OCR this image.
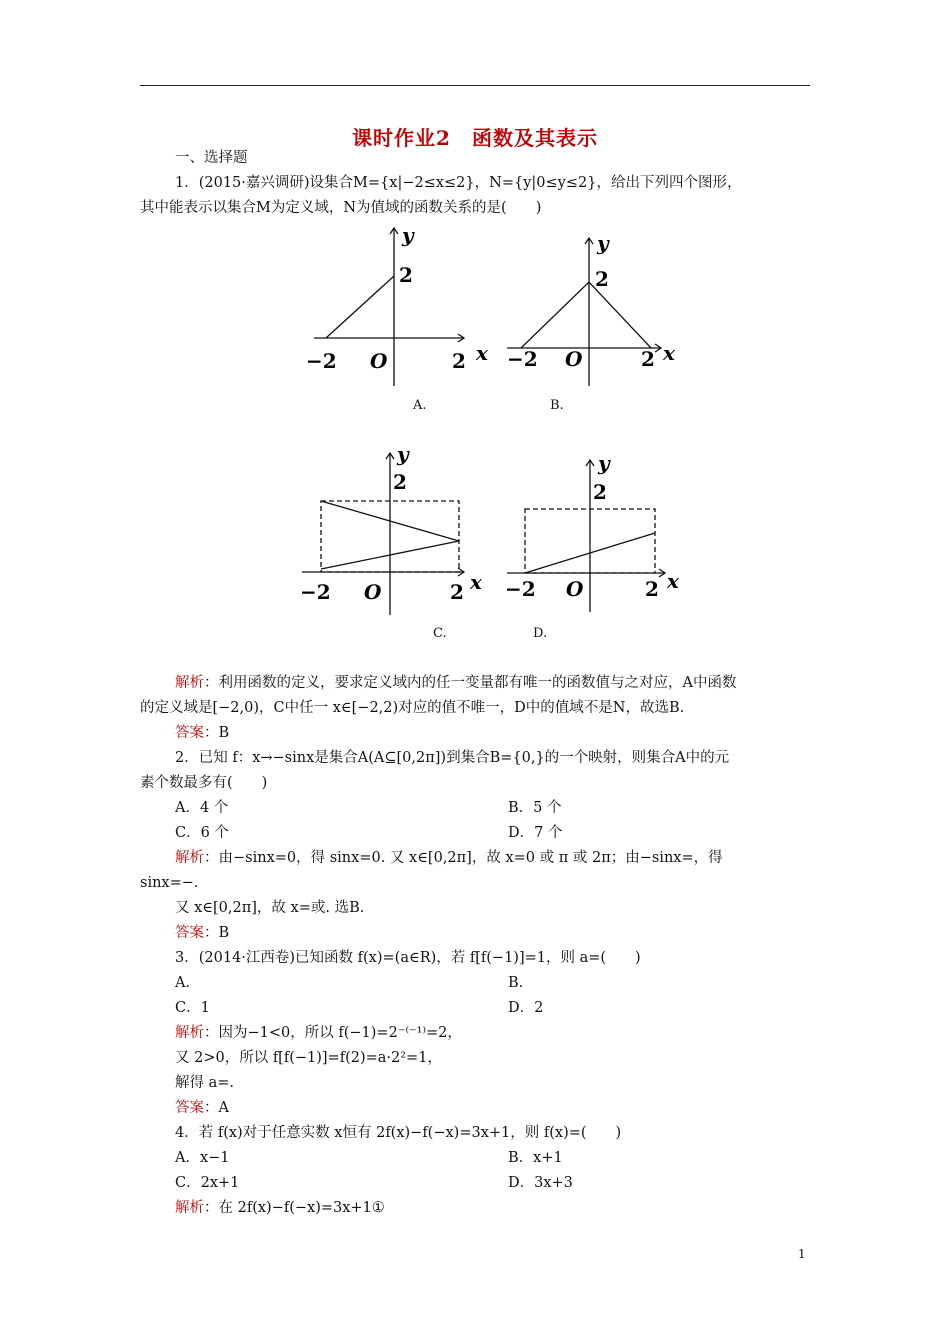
课时作业2　函数及其表示
一、选择题
1．(2015·嘉兴调研)设集合M={x|−2≤x≤2}，N={y|0≤y≤2}，给出下列四个图形，
其中能表示以集合M为定义域，N为值域的函数关系的是(　　)
y
2
−2 O	2 x
y
2
−2 O	2 x
A.	B.
y
2
−2 O	2 x
y
2
−2 O	2 x
C.	D.
解析：利用函数的定义，要求定义域内的任一变量都有唯一的函数值与之对应，A中函数
的定义域是[−2,0)，C中任一 x∈[−2,2)对应的值不唯一，D中的值域不是N，故选B.
答案：B
2．已知 f：x→−sinx是集合A(A⊆[0,2π])到集合B={0,}的一个映射，则集合A中的元
素个数最多有(　　)
A．4 个	B．5 个
C．6 个	D．7 个
解析：由−sinx=0，得 sinx=0. 又 x∈[0,2π]，故 x=0 或 π 或 2π；由−sinx=，得
sinx=−.
又 x∈[0,2π]，故 x=或. 选B.
答案：B
3．(2014·江西卷)已知函数 f(x)=(a∈R)，若 f[f(−1)]=1，则 a=(　　)
A.	B.
C．1	D．2
解析：因为−1<0，所以 f(−1)=2⁻⁽⁻¹⁾=2，
又 2>0，所以 f[f(−1)]=f(2)=a·2²=1，
解得 a=.
答案：A
4．若 f(x)对于任意实数 x恒有 2f(x)−f(−x)=3x+1，则 f(x)=(　　)
A．x−1	B．x+1
C．2x+1	D．3x+3
解析：在 2f(x)−f(−x)=3x+1①
1
